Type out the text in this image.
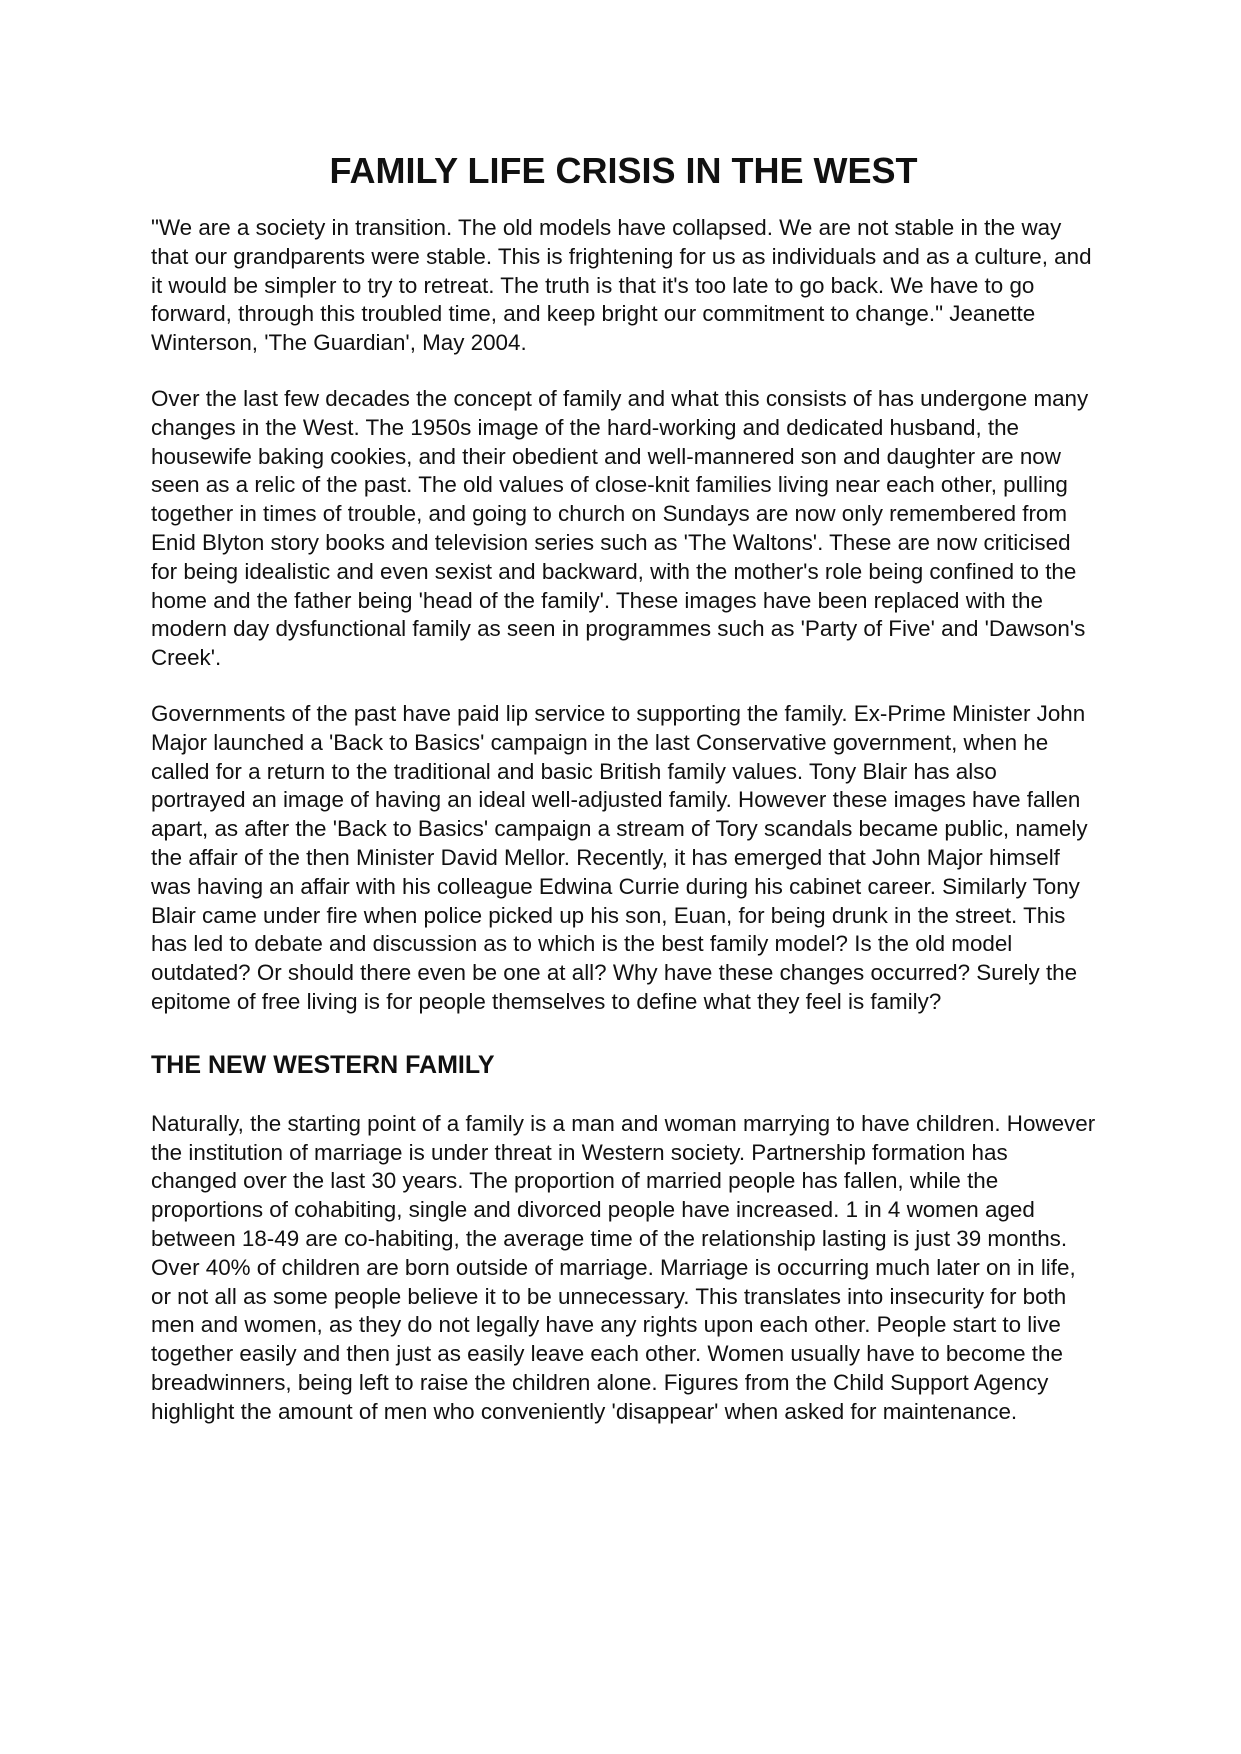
FAMILY LIFE CRISIS IN THE WEST

"We are a society in transition. The old models have collapsed. We are not stable in the way that our grandparents were stable. This is frightening for us as individuals and as a culture, and it would be simpler to try to retreat. The truth is that it's too late to go back. We have to go forward, through this troubled time, and keep bright our commitment to change." Jeanette Winterson, 'The Guardian', May 2004.

Over the last few decades the concept of family and what this consists of has undergone many changes in the West. The 1950s image of the hard-working and dedicated husband, the housewife baking cookies, and their obedient and well-mannered son and daughter are now seen as a relic of the past. The old values of close-knit families living near each other, pulling together in times of trouble, and going to church on Sundays are now only remembered from Enid Blyton story books and television series such as 'The Waltons'. These are now criticised for being idealistic and even sexist and backward, with the mother's role being confined to the home and the father being 'head of the family'. These images have been replaced with the modern day dysfunctional family as seen in programmes such as 'Party of Five' and 'Dawson's Creek'.

Governments of the past have paid lip service to supporting the family. Ex-Prime Minister John Major launched a 'Back to Basics' campaign in the last Conservative government, when he called for a return to the traditional and basic British family values. Tony Blair has also portrayed an image of having an ideal well-adjusted family. However these images have fallen apart, as after the 'Back to Basics' campaign a stream of Tory scandals became public, namely the affair of the then Minister David Mellor. Recently, it has emerged that John Major himself was having an affair with his colleague Edwina Currie during his cabinet career. Similarly Tony Blair came under fire when police picked up his son, Euan, for being drunk in the street. This has led to debate and discussion as to which is the best family model? Is the old model outdated? Or should there even be one at all? Why have these changes occurred? Surely the epitome of free living is for people themselves to define what they feel is family?

THE NEW WESTERN FAMILY

Naturally, the starting point of a family is a man and woman marrying to have children. However the institution of marriage is under threat in Western society. Partnership formation has changed over the last 30 years. The proportion of married people has fallen, while the proportions of cohabiting, single and divorced people have increased. 1 in 4 women aged between 18-49 are co-habiting, the average time of the relationship lasting is just 39 months. Over 40% of children are born outside of marriage. Marriage is occurring much later on in life, or not all as some people believe it to be unnecessary. This translates into insecurity for both men and women, as they do not legally have any rights upon each other. People start to live together easily and then just as easily leave each other. Women usually have to become the breadwinners, being left to raise the children alone. Figures from the Child Support Agency highlight the amount of men who conveniently 'disappear' when asked for maintenance.
